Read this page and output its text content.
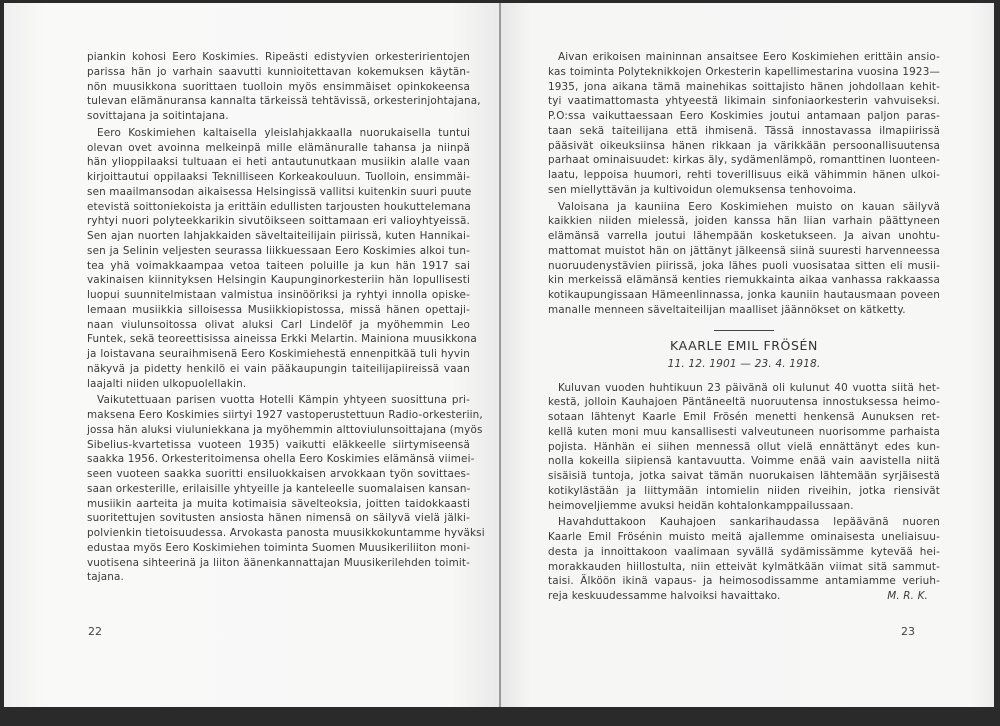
piankin kohosi Eero Koskimies. Ripeästi edistyvien orkesteririentojen
parissa hän jo varhain saavutti kunnioitettavan kokemuksen käytän-
nön muusikkona suorittaen tuolloin myös ensimmäiset opinkokeensa
tulevan elämänuransa kannalta tärkeissä tehtävissä, orkesterinjohtajana,
sovittajana ja soitintajana.
Eero Koskimiehen kaltaisella yleislahjakkaalla nuorukaisella tuntui
olevan ovet avoinna melkeinpä mille elämänuralle tahansa ja niinpä
hän ylioppilaaksi tultuaan ei heti antautunutkaan musiikin alalle vaan
kirjoittautui oppilaaksi Teknilliseen Korkeakouluun. Tuolloin, ensimmäi-
sen maailmansodan aikaisessa Helsingissä vallitsi kuitenkin suuri puute
etevistä soittoniekoista ja erittäin edullisten tarjousten houkuttelemana
ryhtyi nuori polyteekkarikin sivutöikseen soittamaan eri valioyhtyeissä.
Sen ajan nuorten lahjakkaiden säveltaiteilijain piirissä, kuten Hannikai-
sen ja Selinin veljesten seurassa liikkuessaan Eero Koskimies alkoi tun-
tea yhä voimakkaampaa vetoa taiteen poluille ja kun hän 1917 sai
vakinaisen kiinnityksen Helsingin Kaupunginorkesteriin hän lopullisesti
luopui suunnitelmistaan valmistua insinööriksi ja ryhtyi innolla opiske-
lemaan musiikkia silloisessa Musiikkiopistossa, missä hänen opettaji-
naan viulunsoitossa olivat aluksi Carl Lindelöf ja myöhemmin Leo
Funtek, sekä teoreettisissa aineissa Erkki Melartin. Mainiona muusikkona
ja loistavana seuraihmisenä Eero Koskimiehestä ennenpitkää tuli hyvin
näkyvä ja pidetty henkilö ei vain pääkaupungin taiteilijapiireissä vaan
laajalti niiden ulkopuolellakin.
Vaikutettuaan parisen vuotta Hotelli Kämpin yhtyeen suosittuna pri-
maksena Eero Koskimies siirtyi 1927 vastoperustettuun Radio-orkesteriin,
jossa hän aluksi viuluniekkana ja myöhemmin alttoviulunsoittajana (myös
Sibelius-kvartetissa vuoteen 1935) vaikutti eläkkeelle siirtymiseensä
saakka 1956. Orkesteritoimensa ohella Eero Koskimies elämänsä viimei-
seen vuoteen saakka suoritti ensiluokkaisen arvokkaan työn sovittaes-
saan orkesterille, erilaisille yhtyeille ja kanteleelle suomalaisen kansan-
musiikin aarteita ja muita kotimaisia sävelteoksia, joitten taidokkaasti
suoritettujen sovitusten ansiosta hänen nimensä on säilyvä vielä jälki-
polvienkin tietoisuudessa. Arvokasta panosta muusikkokuntamme hyväksi
edustaa myös Eero Koskimiehen toiminta Suomen Muusikeriliiton moni-
vuotisena sihteerinä ja liiton äänenkannattajan Muusikerilehden toimit-
tajana.
22
Aivan erikoisen maininnan ansaitsee Eero Koskimiehen erittäin ansio-
kas toiminta Polyteknikkojen Orkesterin kapellimestarina vuosina 1923—
1935, jona aikana tämä mainehikas soittajisto hänen johdollaan kehit-
tyi vaatimattomasta yhtyeestä likimain sinfoniaorkesterin vahvuiseksi.
P.O:ssa vaikuttaessaan Eero Koskimies joutui antamaan paljon paras-
taan sekä taiteilijana että ihmisenä. Tässä innostavassa ilmapiirissä
pääsivät oikeuksiinsa hänen rikkaan ja värikkään persoonallisuutensa
parhaat ominaisuudet: kirkas äly, sydämenlämpö, romanttinen luonteen-
laatu, leppoisa huumori, rehti toverillisuus eikä vähimmin hänen ulkoi-
sen miellyttävän ja kultivoidun olemuksensa tenhovoima.
Valoisana ja kauniina Eero Koskimiehen muisto on kauan säilyvä
kaikkien niiden mielessä, joiden kanssa hän liian varhain päättyneen
elämänsä varrella joutui lähempään kosketukseen. Ja aivan unohtu-
mattomat muistot hän on jättänyt jälkeensä siinä suuresti harvenneessa
nuoruudenystävien piirissä, joka lähes puoli vuosisataa sitten eli musii-
kin merkeissä elämänsä kenties riemukkainta aikaa vanhassa rakkaassa
kotikaupungissaan Hämeenlinnassa, jonka kauniin hautausmaan poveen
manalle menneen säveltaiteilijan maalliset jäännökset on kätketty.
KAARLE EMIL FRÖSÉN
11. 12. 1901 — 23. 4. 1918.
Kuluvan vuoden huhtikuun 23 päivänä oli kulunut 40 vuotta siitä het-
kestä, jolloin Kauhajoen Päntäneeltä nuoruutensa innostuksessa heimo-
sotaan lähtenyt Kaarle Emil Frösén menetti henkensä Aunuksen ret-
kellä kuten moni muu kansallisesti valveutuneen nuorisomme parhaista
pojista. Hänhän ei siihen mennessä ollut vielä ennättänyt edes kun-
nolla kokeilla siipiensä kantavuutta. Voimme enää vain aavistella niitä
sisäisiä tuntoja, jotka saivat tämän nuorukaisen lähtemään syrjäisestä
kotikylästään ja liittymään intomielin niiden riveihin, jotka riensivät
heimoveljiemme avuksi heidän kohtalonkamppailussaan.
Havahduttakoon Kauhajoen sankarihaudassa lepäävänä nuoren
Kaarle Emil Frösénin muisto meitä ajallemme ominaisesta uneliaisuu-
desta ja innoittakoon vaalimaan syvällä sydämissämme kytevää hei-
morakkauden hiillostulta, niin etteivät kylmätkään viimat sitä sammut-
taisi. Älköön ikinä vapaus- ja heimosodissamme antamiamme veriuh-
reja keskuudessamme halvoiksi havaittako.	M. R. K.
23
